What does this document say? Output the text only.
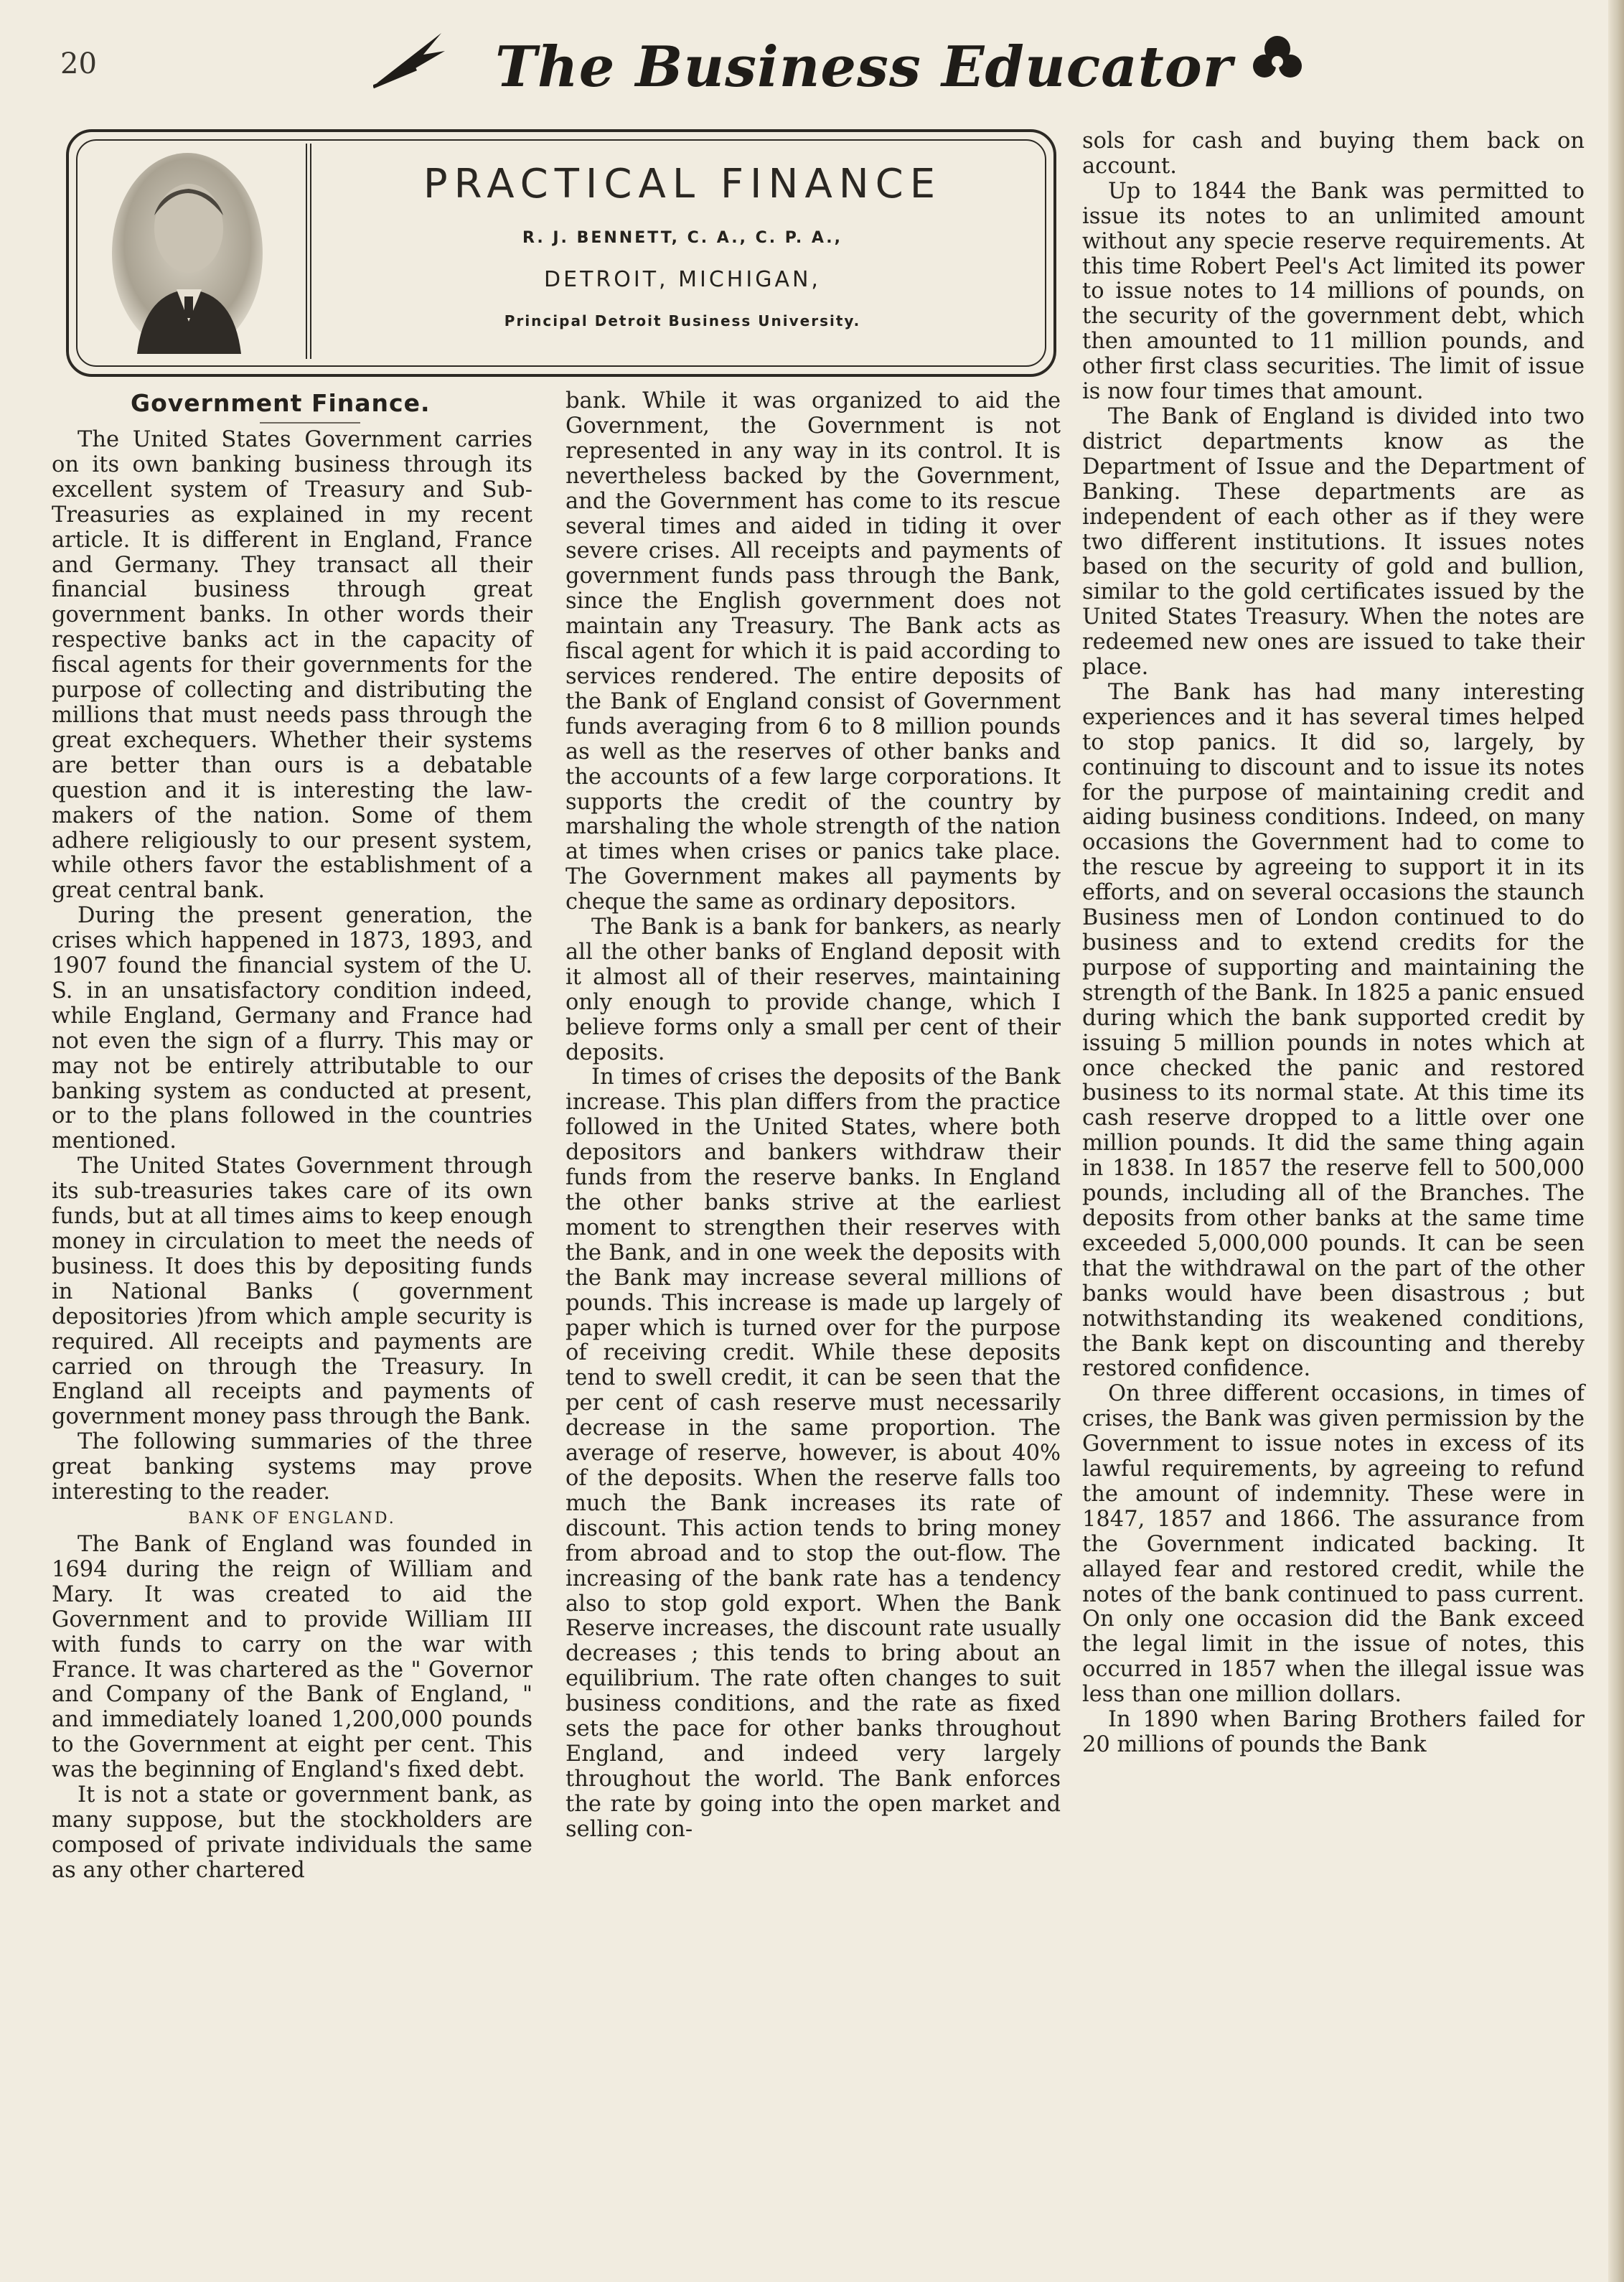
20	The Business Educator
PRACTICAL FINANCE
R. J. BENNETT, C. A., C. P. A.,
DETROIT, MICHIGAN,
Principal Detroit Business University.
Government Finance.

The United States Government carries on its own banking business through its excellent system of Treasury and Sub-Treasuries as explained in my recent article. It is different in England, France and Germany. They transact all their financial business through great government banks. In other words their respective banks act in the capacity of fiscal agents for their governments for the purpose of collecting and distributing the millions that must needs pass through the great exchequers. Whether their systems are better than ours is a debatable question and it is interesting the law-makers of the nation. Some of them adhere religiously to our present system, while others favor the establishment of a great central bank.

During the present generation, the crises which happened in 1873, 1893, and 1907 found the financial system of the U. S. in an unsatisfactory condition indeed, while England, Germany and France had not even the sign of a flurry. This may or may not be entirely attributable to our banking system as conducted at present, or to the plans followed in the countries mentioned.

The United States Government through its sub-treasuries takes care of its own funds, but at all times aims to keep enough money in circulation to meet the needs of business. It does this by depositing funds in National Banks ( government depositories )from which ample security is required. All receipts and payments are carried on through the Treasury. In England all receipts and payments of government money pass through the Bank.

The following summaries of the three great banking systems may prove interesting to the reader.

BANK OF ENGLAND.

The Bank of England was founded in 1694 during the reign of William and Mary. It was created to aid the Government and to provide William III with funds to carry on the war with France. It was chartered as the " Governor and Company of the Bank of England, " and immediately loaned 1,200,000 pounds to the Government at eight per cent. This was the beginning of England's fixed debt.

It is not a state or government bank, as many suppose, but the stockholders are composed of private individuals the same as any other chartered

bank. While it was organized to aid the Government, the Government is not represented in any way in its control. It is nevertheless backed by the Government, and the Government has come to its rescue several times and aided in tiding it over severe crises. All receipts and payments of government funds pass through the Bank, since the English government does not maintain any Treasury. The Bank acts as fiscal agent for which it is paid according to services rendered. The entire deposits of the Bank of England consist of Government funds averaging from 6 to 8 million pounds as well as the reserves of other banks and the accounts of a few large corporations. It supports the credit of the country by marshaling the whole strength of the nation at times when crises or panics take place. The Government makes all payments by cheque the same as ordinary depositors.

The Bank is a bank for bankers, as nearly all the other banks of England deposit with it almost all of their reserves, maintaining only enough to provide change, which I believe forms only a small per cent of their deposits.

In times of crises the deposits of the Bank increase. This plan differs from the practice followed in the United States, where both depositors and bankers withdraw their funds from the reserve banks. In England the other banks strive at the earliest moment to strengthen their reserves with the Bank, and in one week the deposits with the Bank may increase several millions of pounds. This increase is made up largely of paper which is turned over for the purpose of receiving credit. While these deposits tend to swell credit, it can be seen that the per cent of cash reserve must necessarily decrease in the same proportion. The average of reserve, however, is about 40% of the deposits. When the reserve falls too much the Bank increases its rate of discount. This action tends to bring money from abroad and to stop the out-flow. The increasing of the bank rate has a tendency also to stop gold export. When the Bank Reserve increases, the discount rate usually decreases ; this tends to bring about an equilibrium. The rate often changes to suit business conditions, and the rate as fixed sets the pace for other banks throughout England, and indeed very largely throughout the world. The Bank enforces the rate by going into the open market and selling con-

sols for cash and buying them back on account.

Up to 1844 the Bank was permitted to issue its notes to an unlimited amount without any specie reserve requirements. At this time Robert Peel's Act limited its power to issue notes to 14 millions of pounds, on the security of the government debt, which then amounted to 11 million pounds, and other first class securities. The limit of issue is now four times that amount.

The Bank of England is divided into two district departments know as the Department of Issue and the Department of Banking. These departments are as independent of each other as if they were two different institutions. It issues notes based on the security of gold and bullion, similar to the gold certificates issued by the United States Treasury. When the notes are redeemed new ones are issued to take their place.

The Bank has had many interesting experiences and it has several times helped to stop panics. It did so, largely, by continuing to discount and to issue its notes for the purpose of maintaining credit and aiding business conditions. Indeed, on many occasions the Government had to come to the rescue by agreeing to support it in its efforts, and on several occasions the staunch Business men of London continued to do business and to extend credits for the purpose of supporting and maintaining the strength of the Bank. In 1825 a panic ensued during which the bank supported credit by issuing 5 million pounds in notes which at once checked the panic and restored business to its normal state. At this time its cash reserve dropped to a little over one million pounds. It did the same thing again in 1838. In 1857 the reserve fell to 500,000 pounds, including all of the Branches. The deposits from other banks at the same time exceeded 5,000,000 pounds. It can be seen that the withdrawal on the part of the other banks would have been disastrous ; but notwithstanding its weakened conditions, the Bank kept on discounting and thereby restored confidence.

On three different occasions, in times of crises, the Bank was given permission by the Government to issue notes in excess of its lawful requirements, by agreeing to refund the amount of indemnity. These were in 1847, 1857 and 1866. The assurance from the Government indicated backing. It allayed fear and restored credit, while the notes of the bank continued to pass current. On only one occasion did the Bank exceed the legal limit in the issue of notes, this occurred in 1857 when the illegal issue was less than one million dollars.

In 1890 when Baring Brothers failed for 20 millions of pounds the Bank
